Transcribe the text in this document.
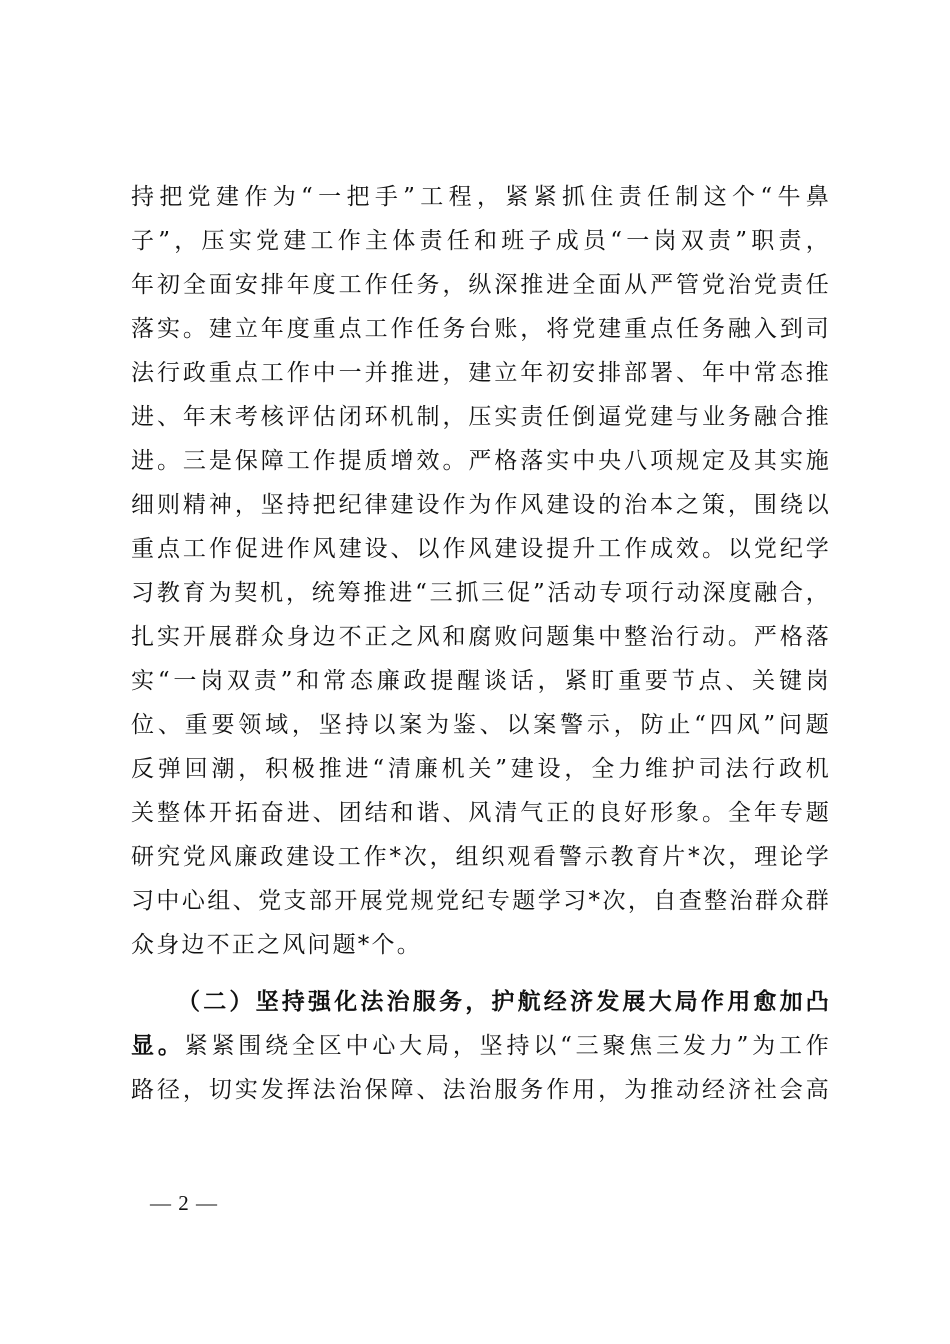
持把党建作为“一把手”工程，紧紧抓住责任制这个“牛鼻
子”，压实党建工作主体责任和班子成员“一岗双责”职责，
年初全面安排年度工作任务，纵深推进全面从严管党治党责任
落实。建立年度重点工作任务台账，将党建重点任务融入到司
法行政重点工作中一并推进，建立年初安排部署、年中常态推
进、年末考核评估闭环机制，压实责任倒逼党建与业务融合推
进。三是保障工作提质增效。严格落实中央八项规定及其实施
细则精神，坚持把纪律建设作为作风建设的治本之策，围绕以
重点工作促进作风建设、以作风建设提升工作成效。以党纪学
习教育为契机，统筹推进“三抓三促”活动专项行动深度融合，
扎实开展群众身边不正之风和腐败问题集中整治行动。严格落
实“一岗双责”和常态廉政提醒谈话，紧盯重要节点、关键岗
位、重要领域，坚持以案为鉴、以案警示，防止“四风”问题
反弹回潮，积极推进“清廉机关”建设，全力维护司法行政机
关整体开拓奋进、团结和谐、风清气正的良好形象。全年专题
研究党风廉政建设工作*次，组织观看警示教育片*次，理论学
习中心组、党支部开展党规党纪专题学习*次，自查整治群众群
众身边不正之风问题*个。
（二）坚持强化法治服务，护航经济发展大局作用愈加凸
显。紧紧围绕全区中心大局，坚持以“三聚焦三发力”为工作
路径，切实发挥法治保障、法治服务作用，为推动经济社会高
— 2 —
